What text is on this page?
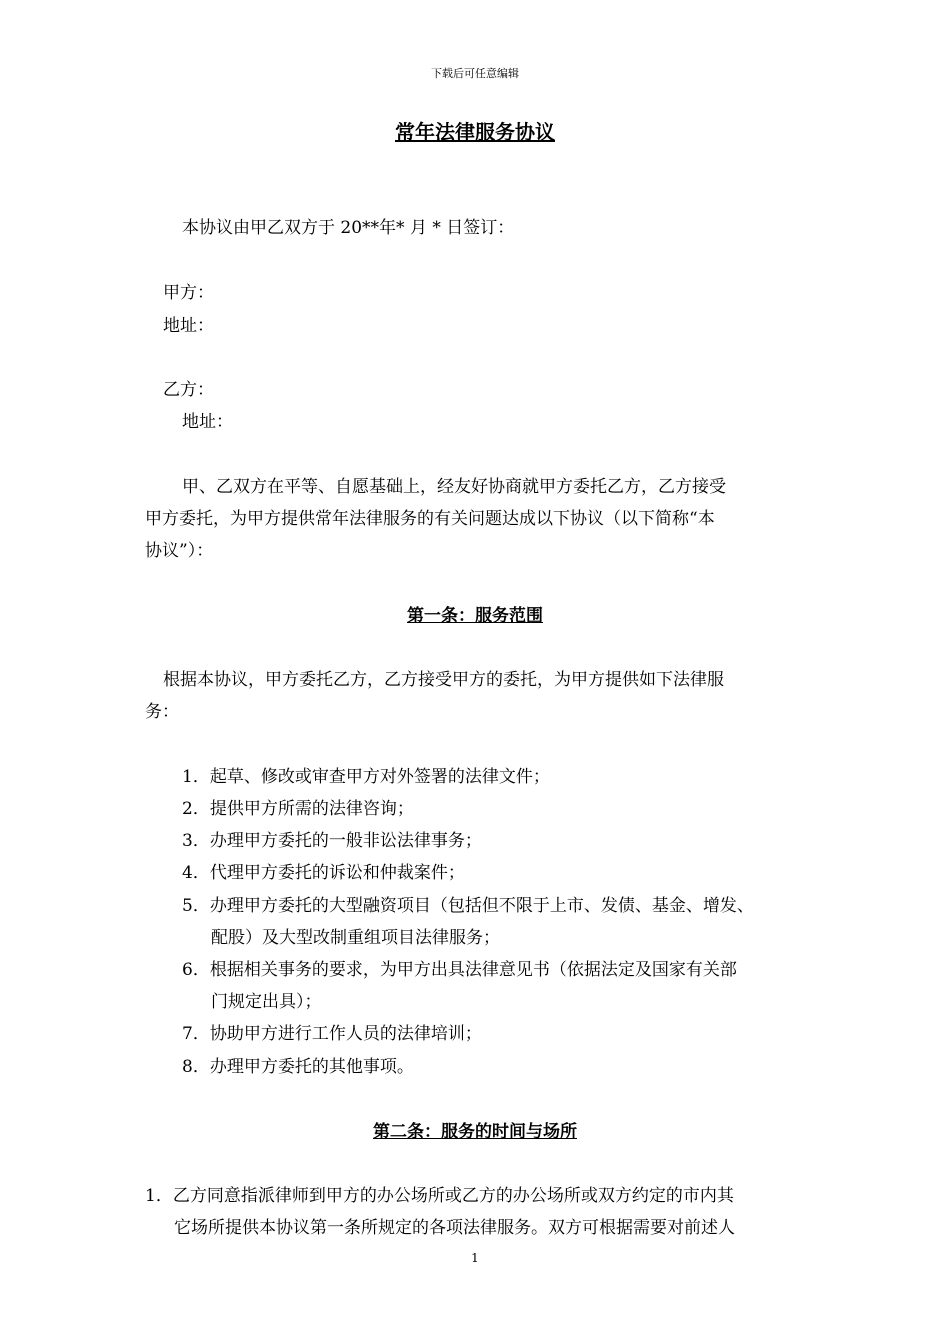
下载后可任意编辑
常年法律服务协议
本协议由甲乙双方于 20**年* 月 * 日签订：
甲方：
地址：
乙方：
地址：
甲、乙双方在平等、自愿基础上，经友好协商就甲方委托乙方，乙方接受
甲方委托，为甲方提供常年法律服务的有关问题达成以下协议（以下简称“本
协议”）：
第一条：服务范围
根据本协议，甲方委托乙方，乙方接受甲方的委托，为甲方提供如下法律服
务：
1．起草、修改或审查甲方对外签署的法律文件；
2．提供甲方所需的法律咨询；
3．办理甲方委托的一般非讼法律事务；
4．代理甲方委托的诉讼和仲裁案件；
5．办理甲方委托的大型融资项目（包括但不限于上市、发债、基金、增发、
配股）及大型改制重组项目法律服务；
6．根据相关事务的要求，为甲方出具法律意见书（依据法定及国家有关部
门规定出具）；
7．协助甲方进行工作人员的法律培训；
8．办理甲方委托的其他事项。
第二条：服务的时间与场所
1．乙方同意指派律师到甲方的办公场所或乙方的办公场所或双方约定的市内其
它场所提供本协议第一条所规定的各项法律服务。双方可根据需要对前述人
1
